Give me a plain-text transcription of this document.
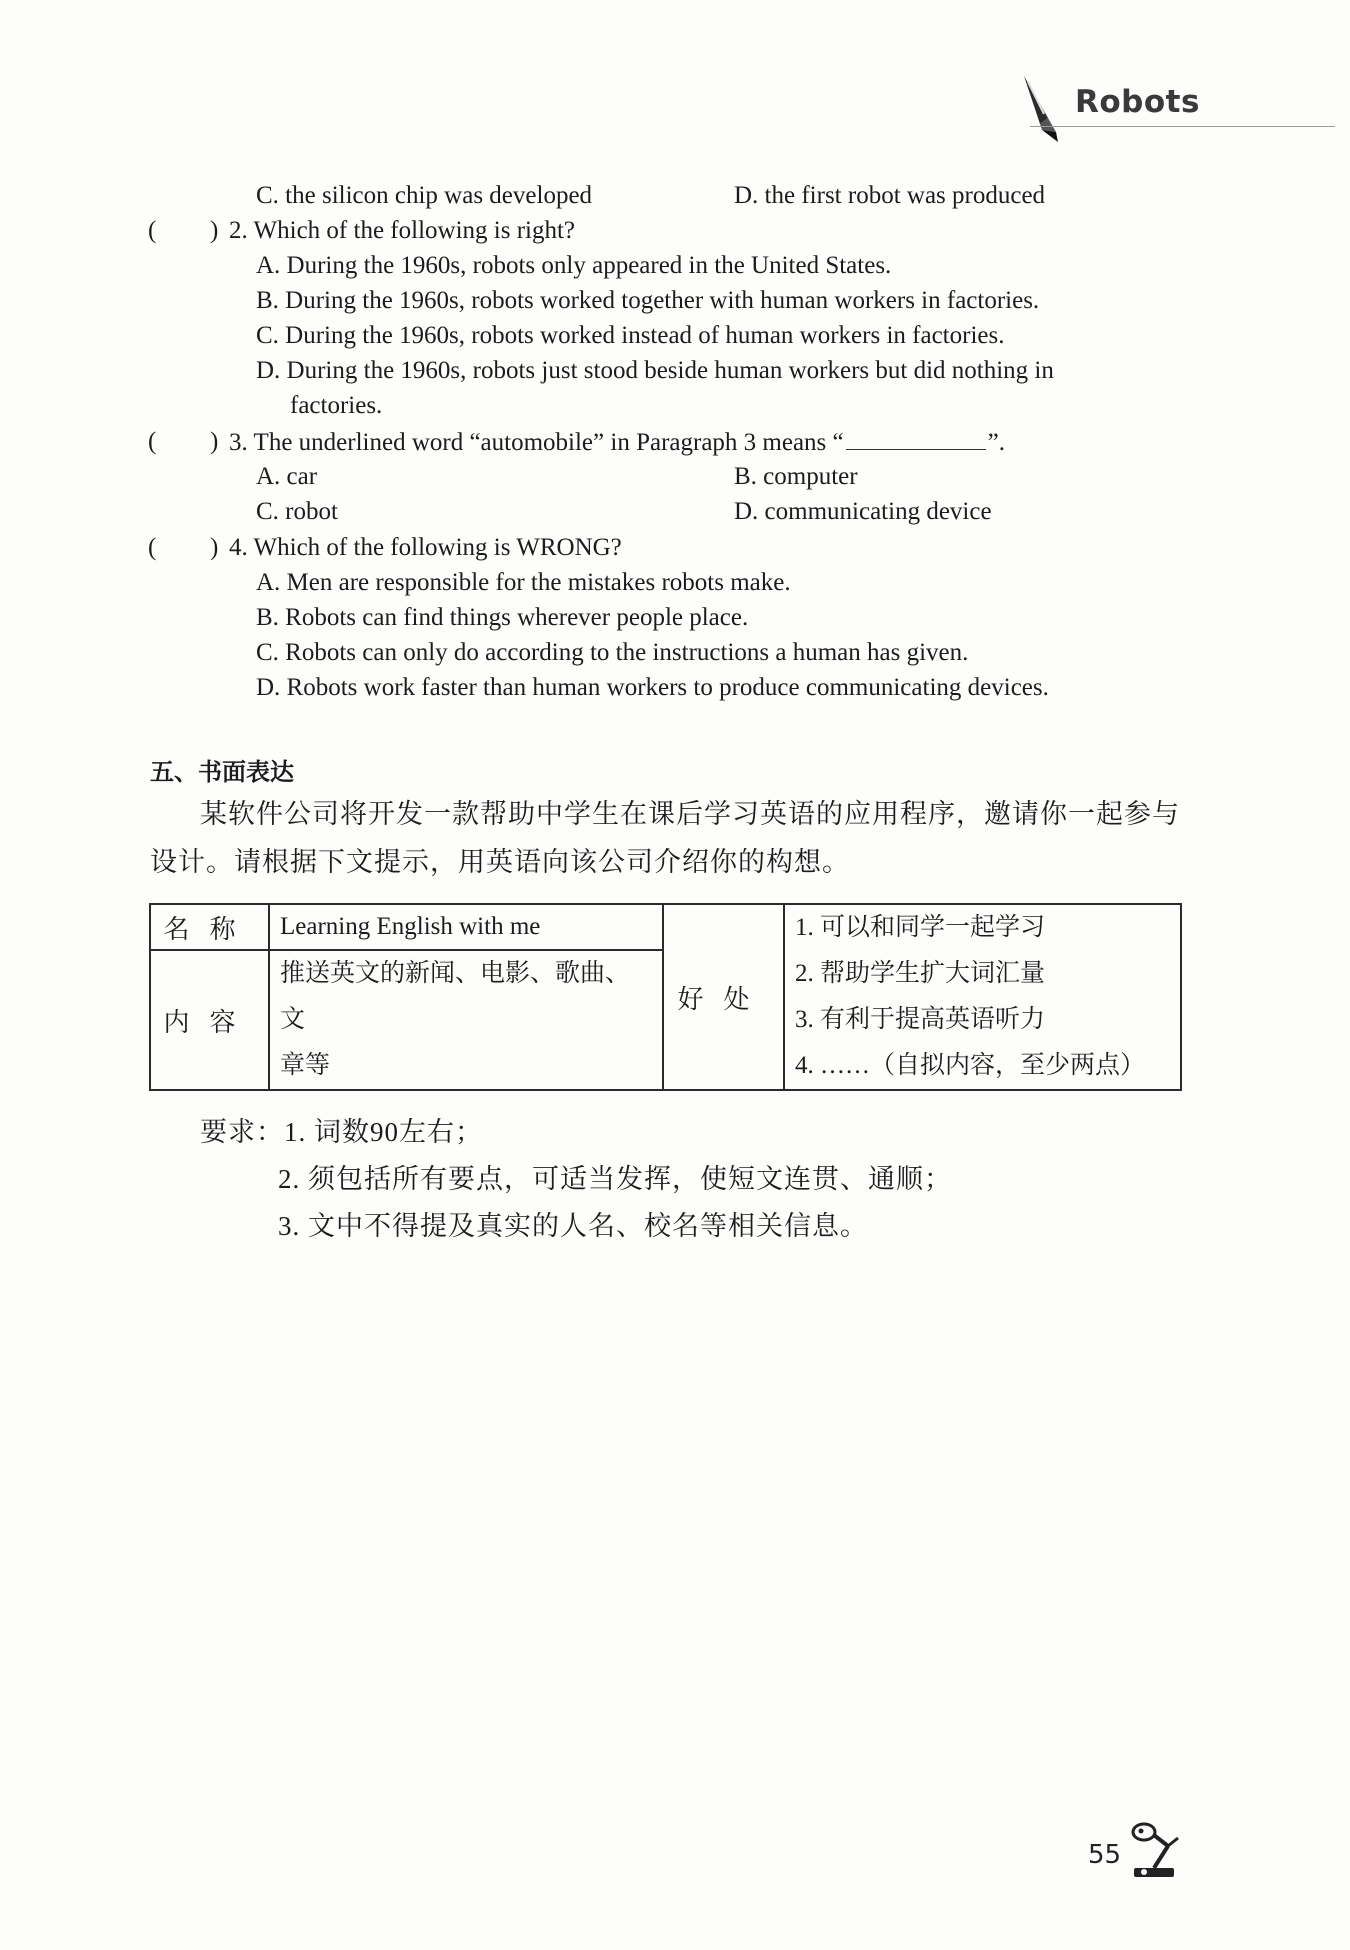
Robots
C. the silicon chip was developed	D. the first robot was produced
( ) 2. Which of the following is right?
A. During the 1960s, robots only appeared in the United States.
B. During the 1960s, robots worked together with human workers in factories.
C. During the 1960s, robots worked instead of human workers in factories.
D. During the 1960s, robots just stood beside human workers but did nothing in
factories.
( ) 3. The underlined word “automobile” in Paragraph 3 means “	”.
A. car	B. computer
C. robot	D. communicating device
( ) 4. Which of the following is WRONG?
A. Men are responsible for the mistakes robots make.
B. Robots can find things wherever people place.
C. Robots can only do according to the instructions a human has given.
D. Robots work faster than human workers to produce communicating devices.
五、书面表达
某软件公司将开发一款帮助中学生在课后学习英语的应用程序，邀请你一起参与
设计。请根据下文提示，用英语向该公司介绍你的构想。
名称	Learning English with me	好处	1. 可以和同学一起学习
2. 帮助学生扩大词汇量
3. 有利于提高英语听力
4. ……（自拟内容，至少两点）

内容	推送英文的新闻、电影、歌曲、文
章等		
要求：1. 词数90左右；
2. 须包括所有要点，可适当发挥，使短文连贯、通顺；
3. 文中不得提及真实的人名、校名等相关信息。
55
